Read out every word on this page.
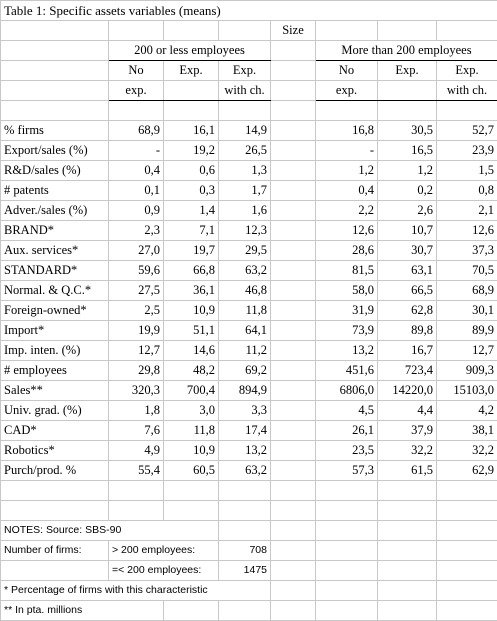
Table 1: Specific assets variables (means)							
				Size			
	200 or less employees				More than 200 employees		
	No	Exp.	Exp.		No	Exp.	Exp.
	exp.		with ch.		exp.		with ch.

% firms	68,9	16,1	14,9		16,8	30,5	52,7
Export/sales (%)	-	19,2	26,5		-	16,5	23,9
R&D/sales (%)	0,4	0,6	1,3		1,2	1,2	1,5
# patents	0,1	0,3	1,7		0,4	0,2	0,8
Adver./sales (%)	0,9	1,4	1,6		2,2	2,6	2,1
BRAND*	2,3	7,1	12,3		12,6	10,7	12,6
Aux. services*	27,0	19,7	29,5		28,6	30,7	37,3
STANDARD*	59,6	66,8	63,2		81,5	63,1	70,5
Normal. & Q.C.*	27,5	36,1	46,8		58,0	66,5	68,9
Foreign-owned*	2,5	10,9	11,8		31,9	62,8	30,1
Import*	19,9	51,1	64,1		73,9	89,8	89,9
Imp. inten. (%)	12,7	14,6	11,2		13,2	16,7	12,7
# employees	29,8	48,2	69,2		451,6	723,4	909,3
Sales**	320,3	700,4	894,9		6806,0	14220,0	15103,0
Univ. grad. (%)	1,8	3,0	3,3		4,5	4,4	4,2
CAD*	7,6	11,8	17,4		26,1	37,9	38,1
Robotics*	4,9	10,9	13,2		23,5	32,2	32,2
Purch/prod. %	55,4	60,5	63,2		57,3	61,5	62,9

NOTES: Source: SBS-90							
Number of firms:	> 200 employees:		708				
	=< 200 employees:		1475				
* Percentage of firms with this characteristic							
** In pta. millions							
